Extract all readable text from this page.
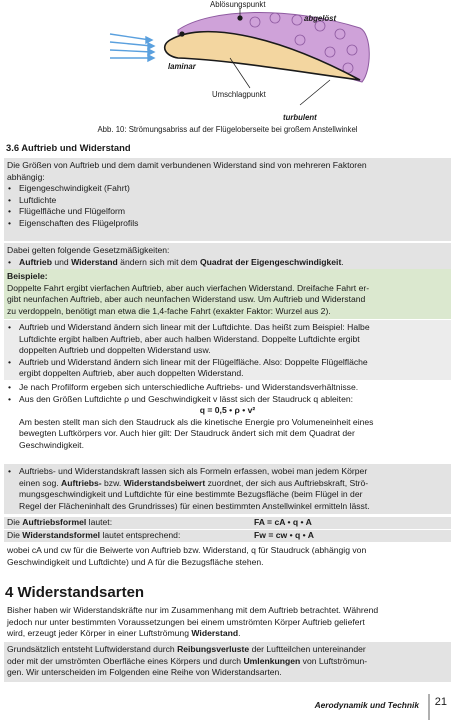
Ablösungspunkt
abgelöst
laminar
Umschlagpunkt
turbulent
Abb. 10: Strömungsabriss auf der Flügeloberseite bei großem Anstellwinkel
3.6 Auftrieb und Widerstand
Die Größen von Auftrieb und dem damit verbundenen Widerstand sind von mehreren Faktoren
abhängig:
• Eigengeschwindigkeit (Fahrt)
• Luftdichte
• Flügelfläche und Flügelform
• Eigenschaften des Flügelprofils
Dabei gelten folgende Gesetzmäßigkeiten:
• Auftrieb und Widerstand ändern sich mit dem Quadrat der Eigengeschwindigkeit.
Beispiele:
Doppelte Fahrt ergibt vierfachen Auftrieb, aber auch vierfachen Widerstand. Dreifache Fahrt er-
gibt neunfachen Auftrieb, aber auch neunfachen Widerstand usw. Um Auftrieb und Widerstand
zu verdoppeln, benötigt man etwa die 1,4-fache Fahrt (exakter Faktor: Wurzel aus 2).
• Auftrieb und Widerstand ändern sich linear mit der Luftdichte. Das heißt zum Beispiel: Halbe
Luftdichte ergibt halben Auftrieb, aber auch halben Widerstand. Doppelte Luftdichte ergibt
doppelten Auftrieb und doppelten Widerstand usw.
• Auftrieb und Widerstand ändern sich linear mit der Flügelfläche. Also: Doppelte Flügelfläche
ergibt doppelten Auftrieb, aber auch doppelten Widerstand.
• Je nach Profilform ergeben sich unterschiedliche Auftriebs- und Widerstandsverhältnisse.
• Aus den Größen Luftdichte ρ und Geschwindigkeit v lässt sich der Staudruck q ableiten:
q = 0,5 • ρ • v²
Am besten stellt man sich den Staudruck als die kinetische Energie pro Volumeneinheit eines
bewegten Luftkörpers vor. Auch hier gilt: Der Staudruck ändert sich mit dem Quadrat der
Geschwindigkeit.
• Auftriebs- und Widerstandskraft lassen sich als Formeln erfassen, wobei man jedem Körper
einen sog. Auftriebs- bzw. Widerstandsbeiwert zuordnet, der sich aus Auftriebskraft, Strö-
mungsgeschwindigkeit und Luftdichte für eine bestimmte Bezugsfläche (beim Flügel in der
Regel der Flächeninhalt des Grundrisses) für einen bestimmten Anstellwinkel ermitteln lässt.
Die Auftriebsformel lautet:	FA = cA • q • A
Die Widerstandsformel lautet entsprechend:	Fw = cw • q • A
wobei cA und cw für die Beiwerte von Auftrieb bzw. Widerstand, q für Staudruck (abhängig von
Geschwindigkeit und Luftdichte) und A für die Bezugsfläche stehen.
4 Widerstandsarten
Bisher haben wir Widerstandskräfte nur im Zusammenhang mit dem Auftrieb betrachtet. Während
jedoch nur unter bestimmten Voraussetzungen bei einem umströmten Körper Auftrieb geliefert
wird, erzeugt jeder Körper in einer Luftströmung Widerstand.
Grundsätzlich entsteht Luftwiderstand durch Reibungsverluste der Luftteilchen untereinander
oder mit der umströmten Oberfläche eines Körpers und durch Umlenkungen von Luftströmun-
gen. Wir unterscheiden im Folgenden eine Reihe von Widerstandsarten.
Aerodynamik und Technik 21
